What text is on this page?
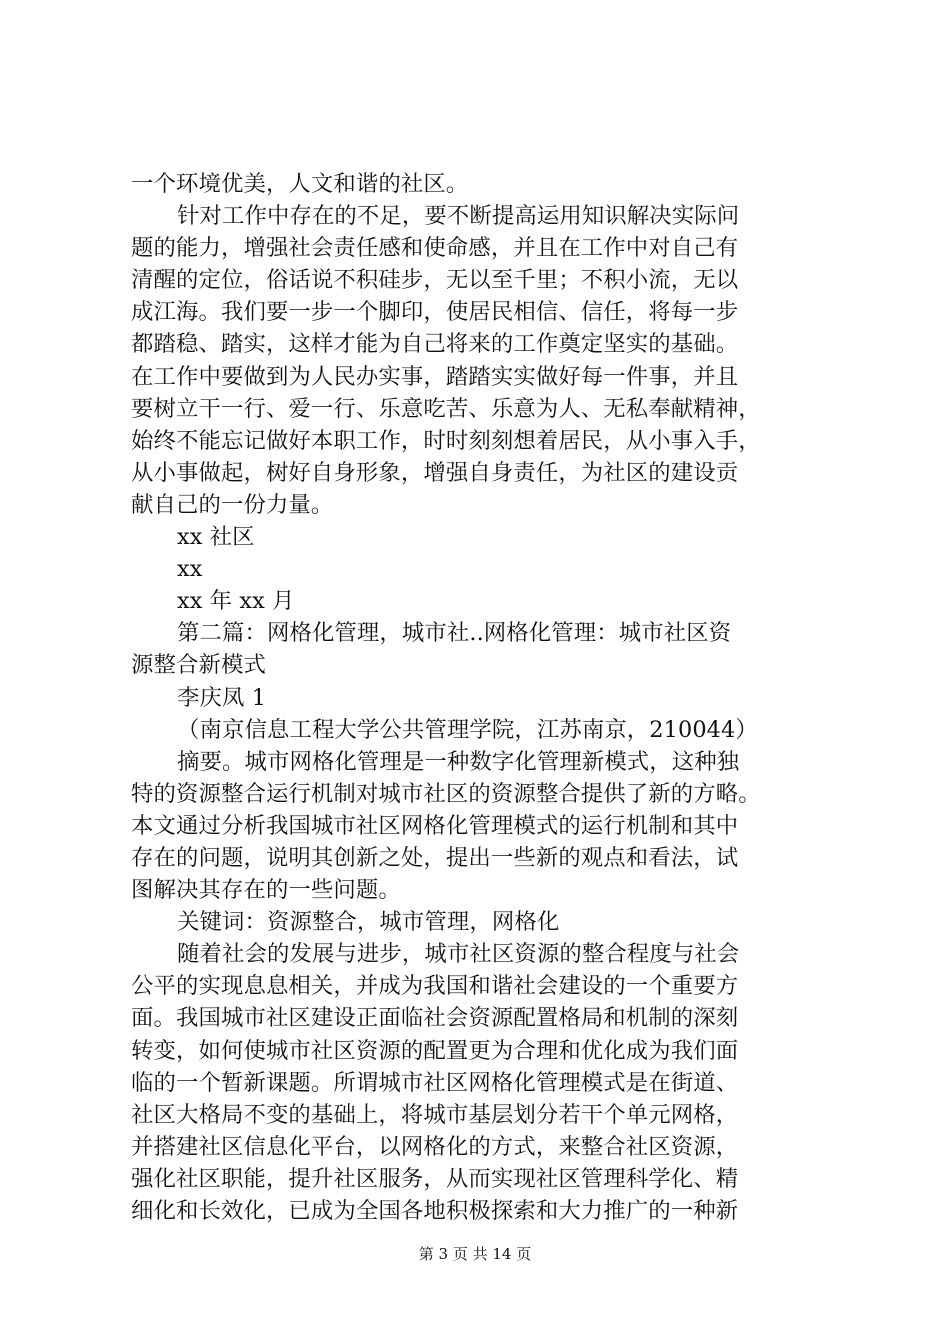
一个环境优美，人文和谐的社区。
针对工作中存在的不足，要不断提高运用知识解决实际问
题的能力，增强社会责任感和使命感，并且在工作中对自己有
清醒的定位，俗话说不积硅步，无以至千里；不积小流，无以
成江海。我们要一步一个脚印，使居民相信、信任，将每一步
都踏稳、踏实，这样才能为自己将来的工作奠定坚实的基础。
在工作中要做到为人民办实事，踏踏实实做好每一件事，并且
要树立干一行、爱一行、乐意吃苦、乐意为人、无私奉献精神，
始终不能忘记做好本职工作，时时刻刻想着居民，从小事入手，
从小事做起，树好自身形象，增强自身责任，为社区的建设贡
献自己的一份力量。
xx 社区
xx
xx 年 xx 月
第二篇：网格化管理，城市社..网格化管理：城市社区资
源整合新模式
李庆凤 1
（南京信息工程大学公共管理学院，江苏南京，210044）
摘要。城市网格化管理是一种数字化管理新模式，这种独
特的资源整合运行机制对城市社区的资源整合提供了新的方略。
本文通过分析我国城市社区网格化管理模式的运行机制和其中
存在的问题，说明其创新之处，提出一些新的观点和看法，试
图解决其存在的一些问题。
关键词：资源整合，城市管理，网格化
随着社会的发展与进步，城市社区资源的整合程度与社会
公平的实现息息相关，并成为我国和谐社会建设的一个重要方
面。我国城市社区建设正面临社会资源配置格局和机制的深刻
转变，如何使城市社区资源的配置更为合理和优化成为我们面
临的一个暂新课题。所谓城市社区网格化管理模式是在街道、
社区大格局不变的基础上，将城市基层划分若干个单元网格，
并搭建社区信息化平台，以网格化的方式，来整合社区资源，
强化社区职能，提升社区服务，从而实现社区管理科学化、精
细化和长效化，已成为全国各地积极探索和大力推广的一种新
第 3 页 共 14 页
